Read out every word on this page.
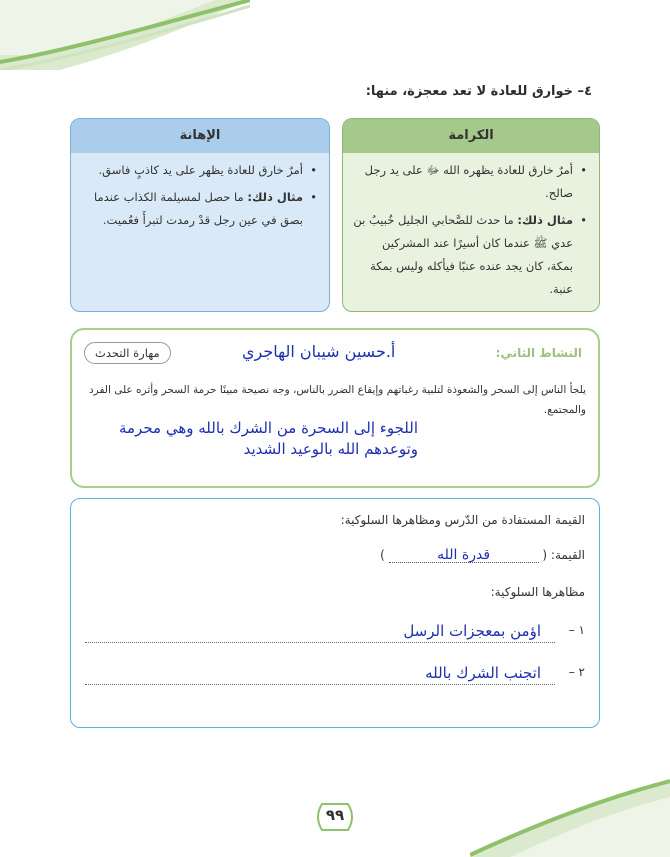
٤– خوارق للعادة لا تعد معجزة، منها:
الكرامة
• أمرٌ خارق للعادة يظهره الله ﷻ على يد رجل صالح.
• مثال ذلك: ما حدث للصَّحابي الجليل خُبيبُ بن عدي ﷺ عندما كان أسيرًا عند المشركين بمكة، كان يجد عنده عنبًا فيأكله وليس بمكة عنبة.
الإهانة
• أمرٌ خارق للعادة يظهر على يد كاذبٍ فاسق.
• مثال ذلك: ما حصل لمسيلمة الكذاب عندما بصق في عين رجل قدْ رمدت لتبرأَ فعُميت.
النشاط الثاني:
أ.حسين شيبان الهاجري
مهارة التحدث
يلجأ الناس إلى السحر والشعوذة لتلبية رغباتهم وإيقاع الضرر بالناس، وجه نصيحة مبينًا حرمة السحر وأثره على الفرد والمجتمع.
اللجوء إلى السحرة من الشرك بالله وهي محرمة وتوعدهم الله بالوعيد الشديد
القيمة المستفادة من الدّرس ومظاهرها السلوكية:
القيمة: ( قدرة الله )
مظاهرها السلوكية:
١ –
اؤمن بمعجزات الرسل
٢ –
اتجنب الشرك بالله
٩٩
